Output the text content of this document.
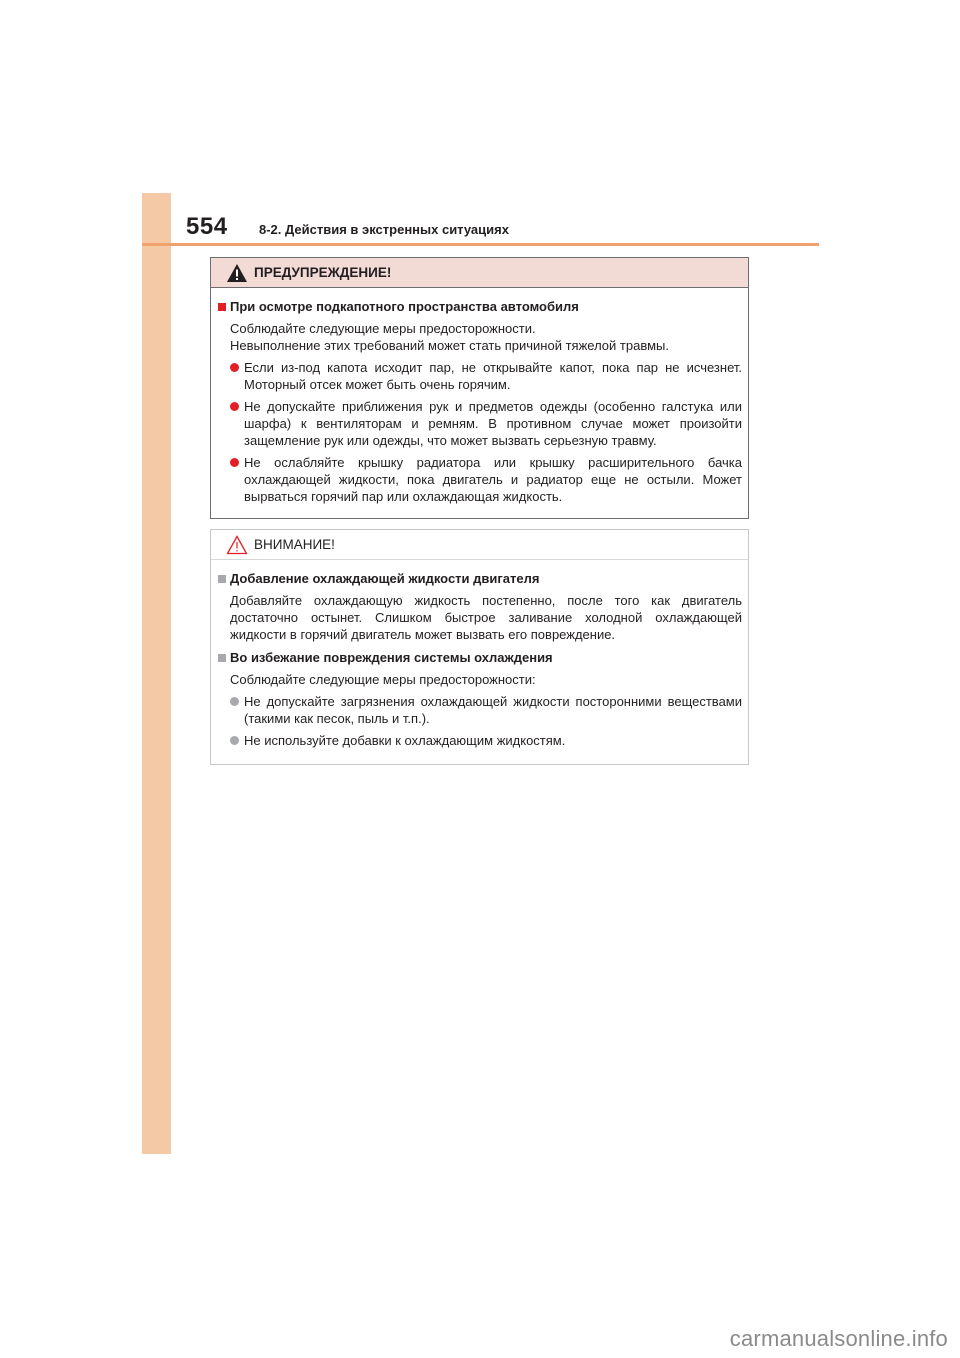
554 8-2. Действия в экстренных ситуациях
ПРЕДУПРЕЖДЕНИЕ!
При осмотре подкапотного пространства автомобиля
Соблюдайте следующие меры предосторожности.
Невыполнение этих требований может стать причиной тяжелой травмы.
Если из-под капота исходит пар, не открывайте капот, пока пар не исчезнет. Моторный отсек может быть очень горячим.
Не допускайте приближения рук и предметов одежды (особенно галстука или шарфа) к вентиляторам и ремням. В противном случае может произойти защемление рук или одежды, что может вызвать серьезную травму.
Не ослабляйте крышку радиатора или крышку расширительного бачка охлаждающей жидкости, пока двигатель и радиатор еще не остыли. Может вырваться горячий пар или охлаждающая жидкость.
ВНИМАНИЕ!
Добавление охлаждающей жидкости двигателя
Добавляйте охлаждающую жидкость постепенно, после того как двигатель достаточно остынет. Слишком быстрое заливание холодной охлаждающей жидкости в горячий двигатель может вызвать его повреждение.
Во избежание повреждения системы охлаждения
Соблюдайте следующие меры предосторожности:
Не допускайте загрязнения охлаждающей жидкости посторонними веществами (такими как песок, пыль и т.п.).
Не используйте добавки к охлаждающим жидкостям.
carmanualsonline.info
